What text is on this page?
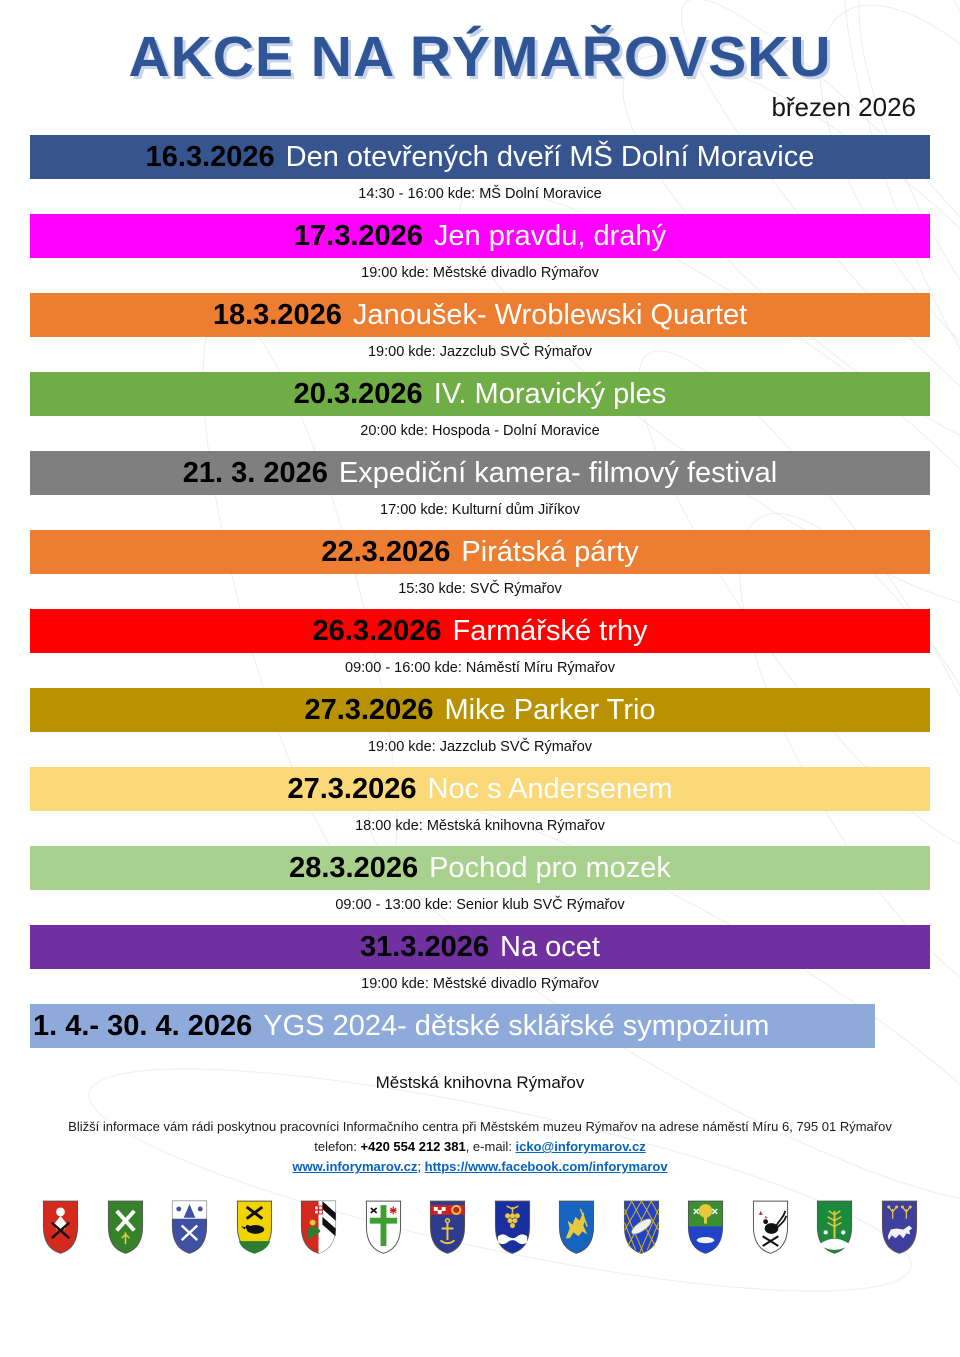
AKCE NA RÝMAŘOVSKU
březen 2026
16.3.2026 Den otevřených dveří MŠ Dolní Moravice
14:30 - 16:00 kde: MŠ Dolní Moravice
17.3.2026 Jen pravdu, drahý
19:00 kde: Městské divadlo Rýmařov
18.3.2026 Janoušek- Wroblewski Quartet
19:00 kde: Jazzclub SVČ Rýmařov
20.3.2026 IV. Moravický ples
20:00 kde: Hospoda - Dolní Moravice
21. 3. 2026 Expediční kamera- filmový festival
17:00 kde: Kulturní dům Jiříkov
22.3.2026 Pirátská párty
15:30 kde: SVČ Rýmařov
26.3.2026 Farmářské trhy
09:00 - 16:00 kde: Náměstí Míru Rýmařov
27.3.2026 Mike Parker Trio
19:00 kde: Jazzclub SVČ Rýmařov
27.3.2026 Noc s Andersenem
18:00 kde: Městská knihovna Rýmařov
28.3.2026 Pochod pro mozek
09:00 - 13:00 kde: Senior klub SVČ Rýmařov
31.3.2026 Na ocet
19:00 kde: Městské divadlo Rýmařov
1. 4.- 30. 4. 2026 YGS 2024- dětské sklářské sympozium
Městská knihovna Rýmařov
Bližší informace vám rádi poskytnou pracovníci Informačního centra při Městském muzeu Rýmařov na adrese náměstí Míru 6, 795 01 Rýmařov
telefon: +420 554 212 381, e-mail: icko@inforymarov.cz
www.inforymarov.cz; https://www.facebook.com/inforymarov
